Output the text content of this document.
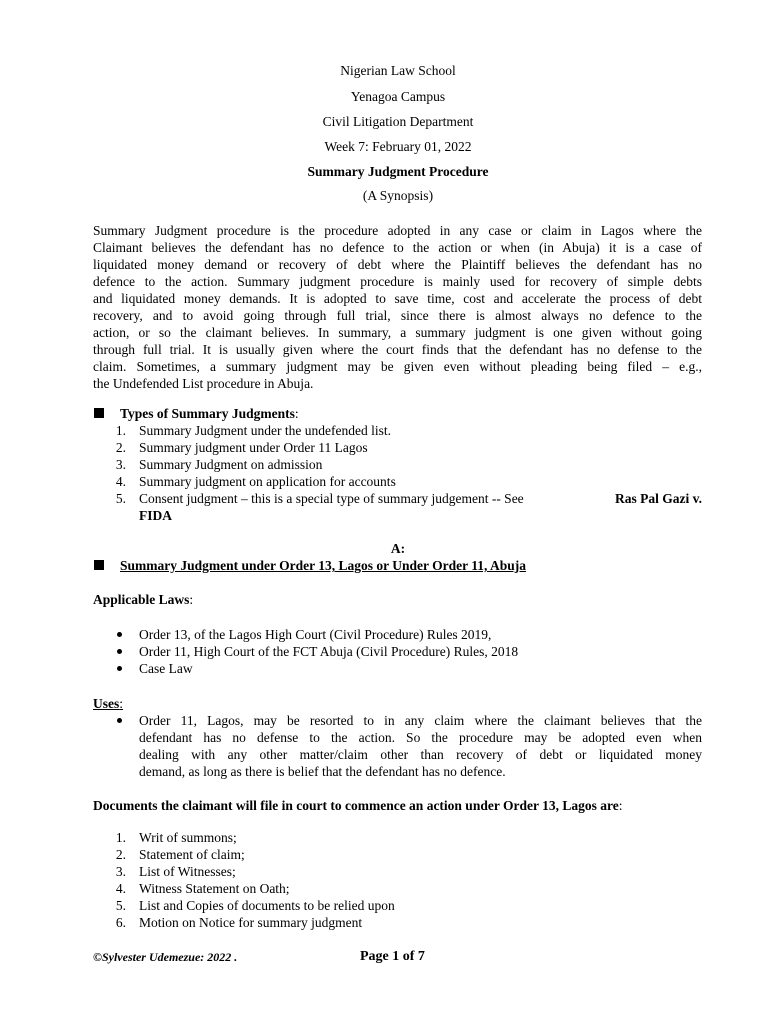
Nigerian Law School
Yenagoa Campus
Civil Litigation Department
Week 7: February 01, 2022
Summary Judgment Procedure
(A Synopsis)
Summary Judgment procedure is the procedure adopted in any case or claim in Lagos where the
Claimant believes the defendant has no defence to the action or when (in Abuja) it is a case of
liquidated money demand or recovery of debt where the Plaintiff believes the defendant has no
defence to the action. Summary judgment procedure is mainly used for recovery of simple debts
and liquidated money demands. It is adopted to save time, cost and accelerate the process of debt
recovery, and to avoid going through full trial, since there is almost always no defence to the
action, or so the claimant believes. In summary, a summary judgment is one given without going
through full trial. It is usually given where the court finds that the defendant has no defense to the
claim. Sometimes, a summary judgment may be given even without pleading being filed – e.g.,
the Undefended List procedure in Abuja.
Types of Summary Judgments:
1. Summary Judgment under the undefended list.
2. Summary judgment under Order 11 Lagos
3. Summary Judgment on admission
4. Summary judgment on application for accounts
5. Consent judgment – this is a special type of summary judgement -- See	Ras Pal Gazi v.
FIDA
A:
Summary Judgment under Order 13, Lagos or Under Order 11, Abuja
Applicable Laws:
Order 13, of the Lagos High Court (Civil Procedure) Rules 2019,
Order 11, High Court of the FCT Abuja (Civil Procedure) Rules, 2018
Case Law
Uses:
Order 11, Lagos, may be resorted to in any claim where the claimant believes that the
defendant has no defense to the action. So the procedure may be adopted even when
dealing with any other matter/claim other than recovery of debt or liquidated money
demand, as long as there is belief that the defendant has no defence.
Documents the claimant will file in court to commence an action under Order 13, Lagos are:
1. Writ of summons;
2. Statement of claim;
3. List of Witnesses;
4. Witness Statement on Oath;
5. List and Copies of documents to be relied upon
6. Motion on Notice for summary judgment
©Sylvester Udemezue: 2022 .	Page 1 of 7
